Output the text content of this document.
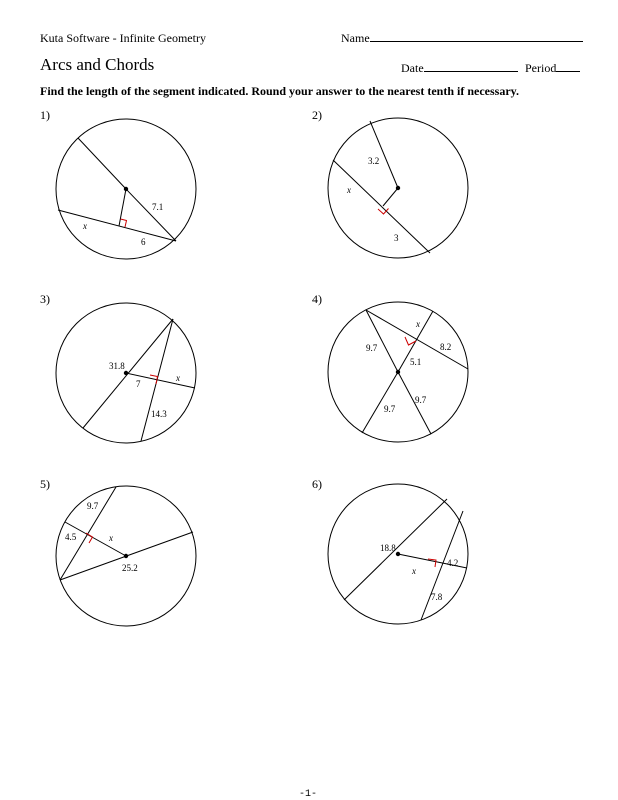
Kuta Software - Infinite Geometry	Name
Arcs and Chords	Date	Period
Find the length of the segment indicated. Round your answer to the nearest tenth if necessary.
1)	2)
3)	4)
5)	6)
7.1
x
6
3.2
x
3
31.8
7
x
14.3
x
9.7	8.2
5.1
9.7
9.7
9.7
4.5	x
25.2
18.8
4.2
x
7.8
-1-
